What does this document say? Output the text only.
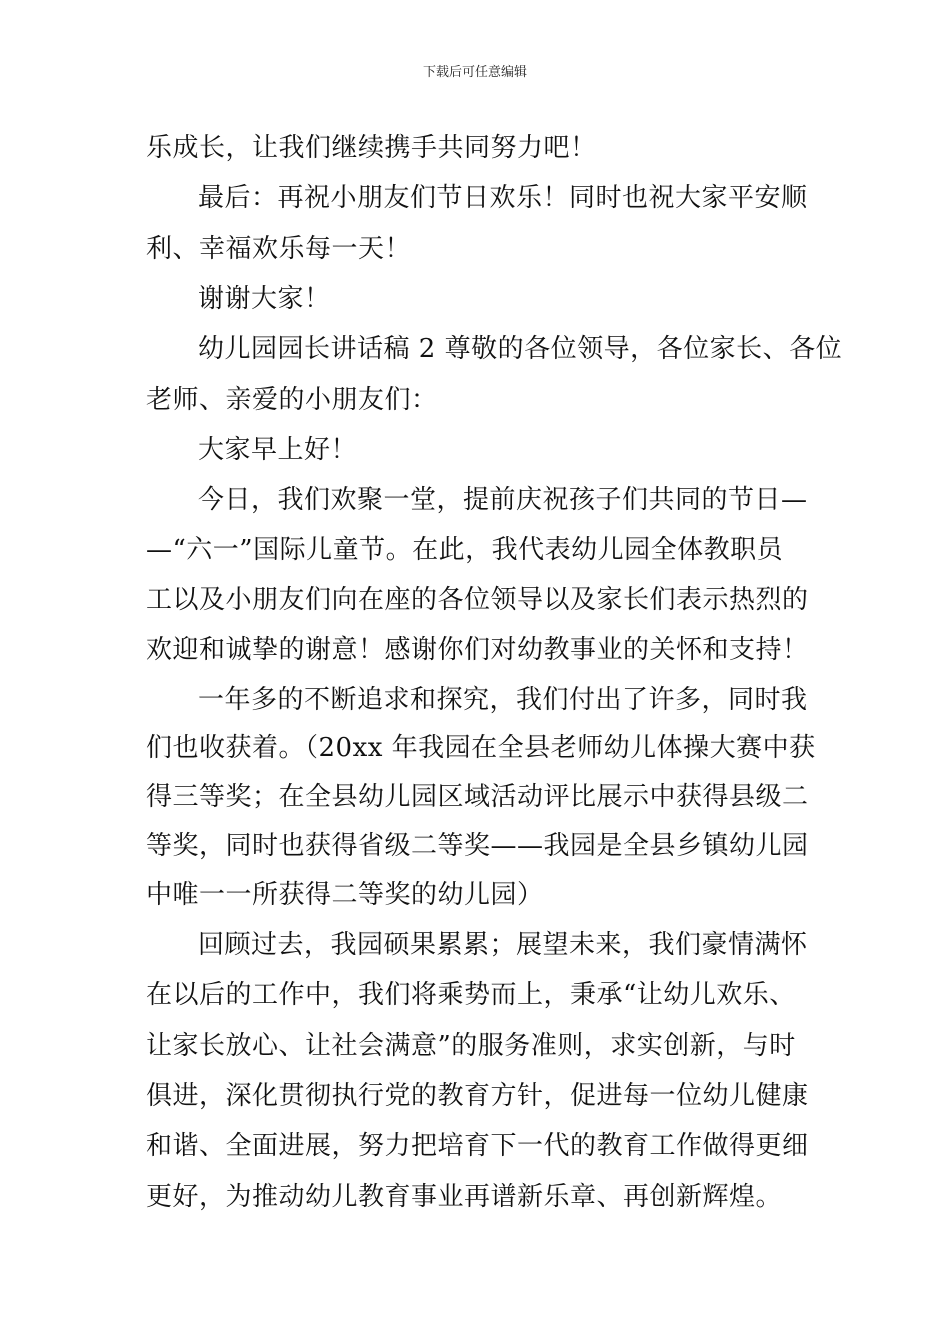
下载后可任意编辑
乐成长，让我们继续携手共同努力吧！
最后：再祝小朋友们节日欢乐！同时也祝大家平安顺
利、幸福欢乐每一天！
谢谢大家！
幼儿园园长讲话稿 2 尊敬的各位领导，各位家长、各位
老师、亲爱的小朋友们：
大家早上好！
今日，我们欢聚一堂，提前庆祝孩子们共同的节日—
—“六一”国际儿童节。在此，我代表幼儿园全体教职员
工以及小朋友们向在座的各位领导以及家长们表示热烈的
欢迎和诚挚的谢意！感谢你们对幼教事业的关怀和支持！
一年多的不断追求和探究，我们付出了许多，同时我
们也收获着。（20xx 年我园在全县老师幼儿体操大赛中获
得三等奖；在全县幼儿园区域活动评比展示中获得县级二
等奖，同时也获得省级二等奖——我园是全县乡镇幼儿园
中唯一一所获得二等奖的幼儿园）
回顾过去，我园硕果累累；展望未来，我们豪情满怀
在以后的工作中，我们将乘势而上，秉承“让幼儿欢乐、
让家长放心、让社会满意”的服务准则，求实创新，与时
俱进，深化贯彻执行党的教育方针，促进每一位幼儿健康
和谐、全面进展，努力把培育下一代的教育工作做得更细
更好，为推动幼儿教育事业再谱新乐章、再创新辉煌。
